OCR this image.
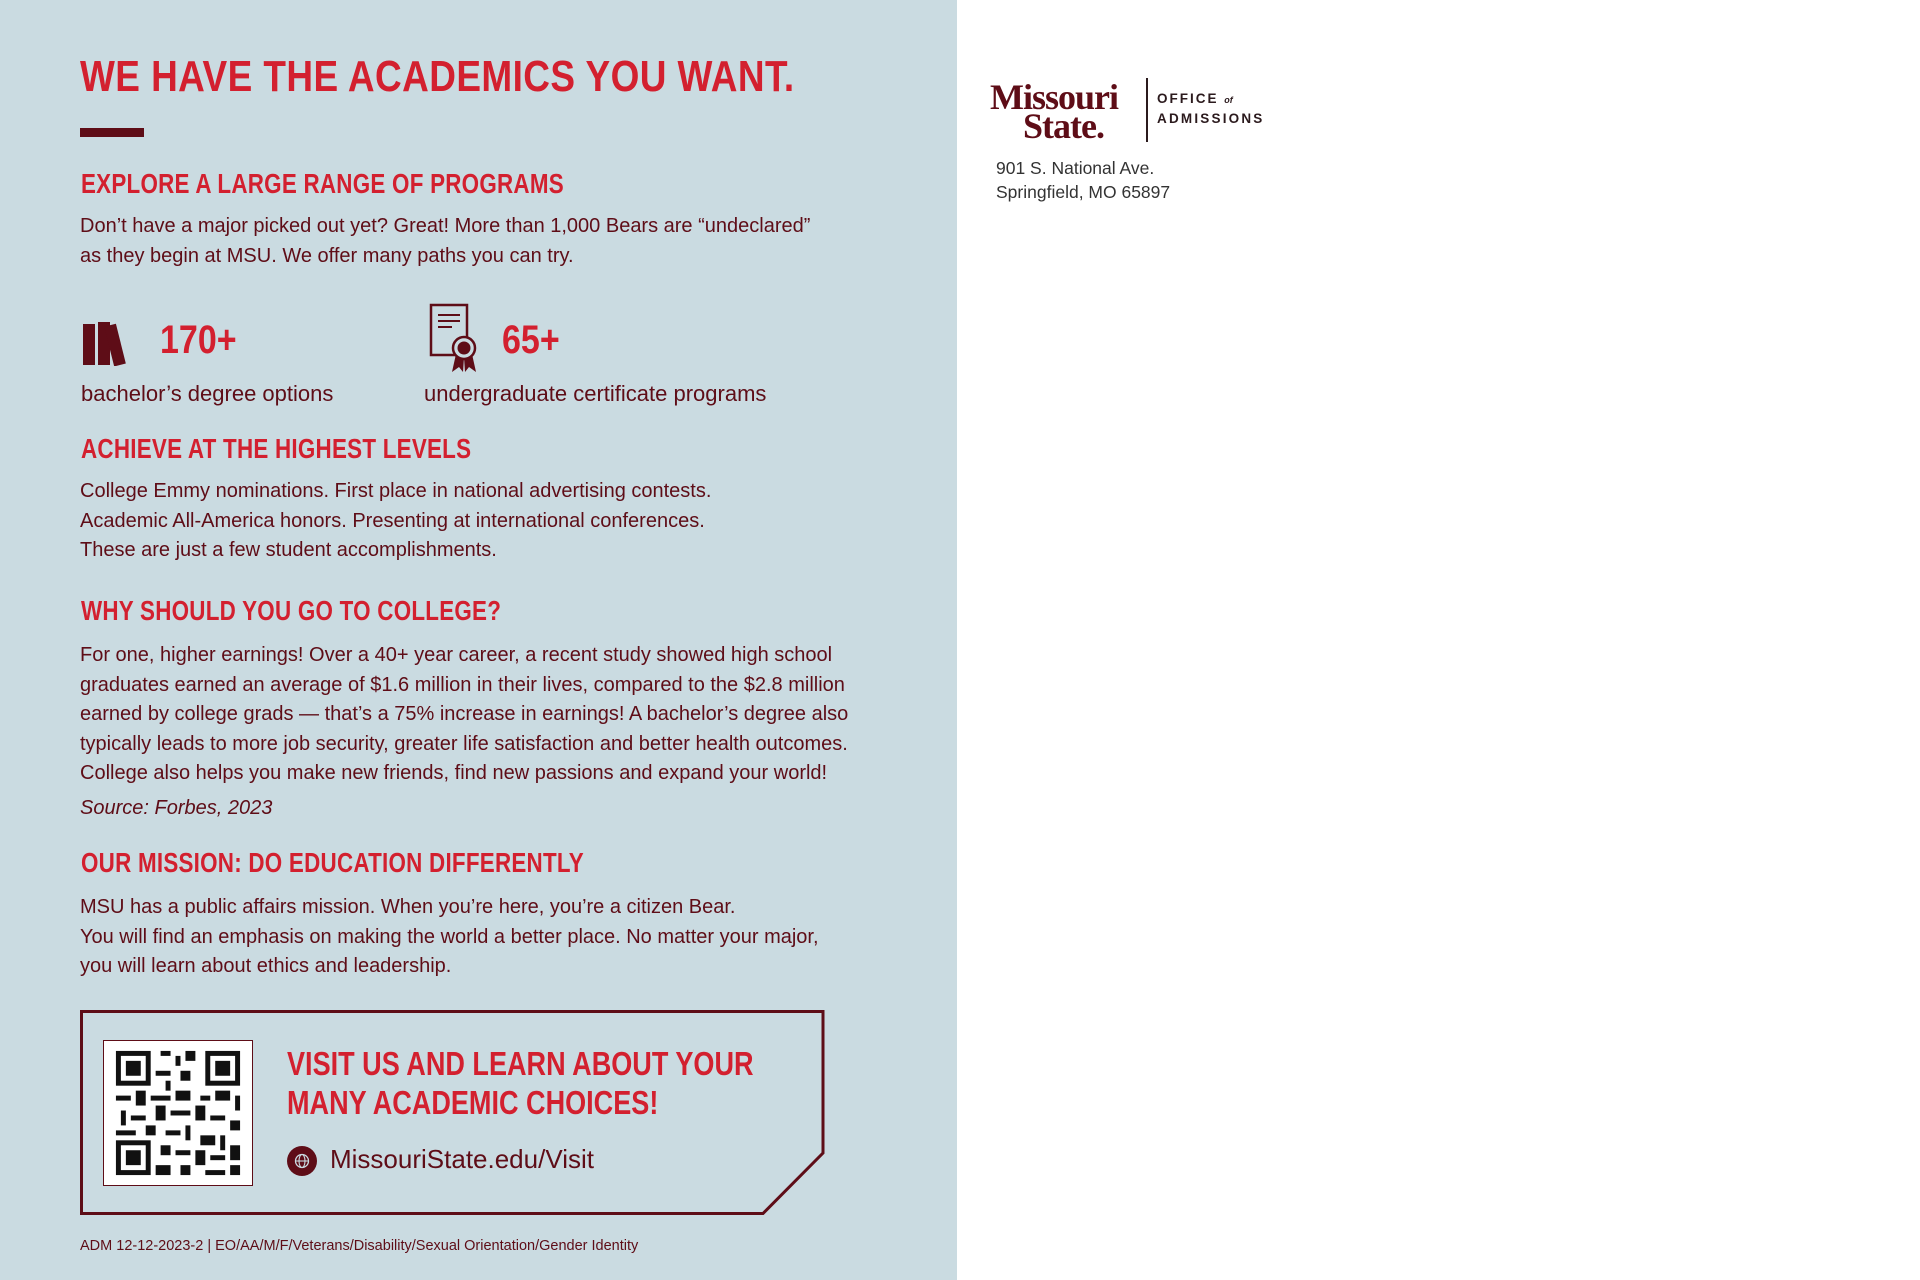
WE HAVE THE ACADEMICS YOU WANT.
EXPLORE A LARGE RANGE OF PROGRAMS

Don’t have a major picked out yet? Great! More than 1,000 Bears are “undeclared”
as they begin at MSU. We offer many paths you can try.

170+

bachelor’s degree options

65+

undergraduate certificate programs

ACHIEVE AT THE HIGHEST LEVELS

College Emmy nominations. First place in national advertising contests.
Academic All-America honors. Presenting at international conferences.
These are just a few student accomplishments.

WHY SHOULD YOU GO TO COLLEGE?

For one, higher earnings! Over a 40+ year career, a recent study showed high school
graduates earned an average of $1.6 million in their lives, compared to the $2.8 million
earned by college grads — that’s a 75% increase in earnings! A bachelor’s degree also
typically leads to more job security, greater life satisfaction and better health outcomes.
College also helps you make new friends, find new passions and expand your world!

Source: Forbes, 2023

OUR MISSION: DO EDUCATION DIFFERENTLY

MSU has a public affairs mission. When you’re here, you’re a citizen Bear.
You will find an emphasis on making the world a better place. No matter your major,
you will learn about ethics and leadership.

VISIT US AND LEARN ABOUT YOUR
MANY ACADEMIC CHOICES!

MissouriState.edu/Visit

ADM 12-12-2023-2 | EO/AA/M/F/Veterans/Disability/Sexual Orientation/Gender Identity

Missouri

State.

OFFICE of

ADMISSIONS

901 S. National Ave.

Springfield, MO 65897
